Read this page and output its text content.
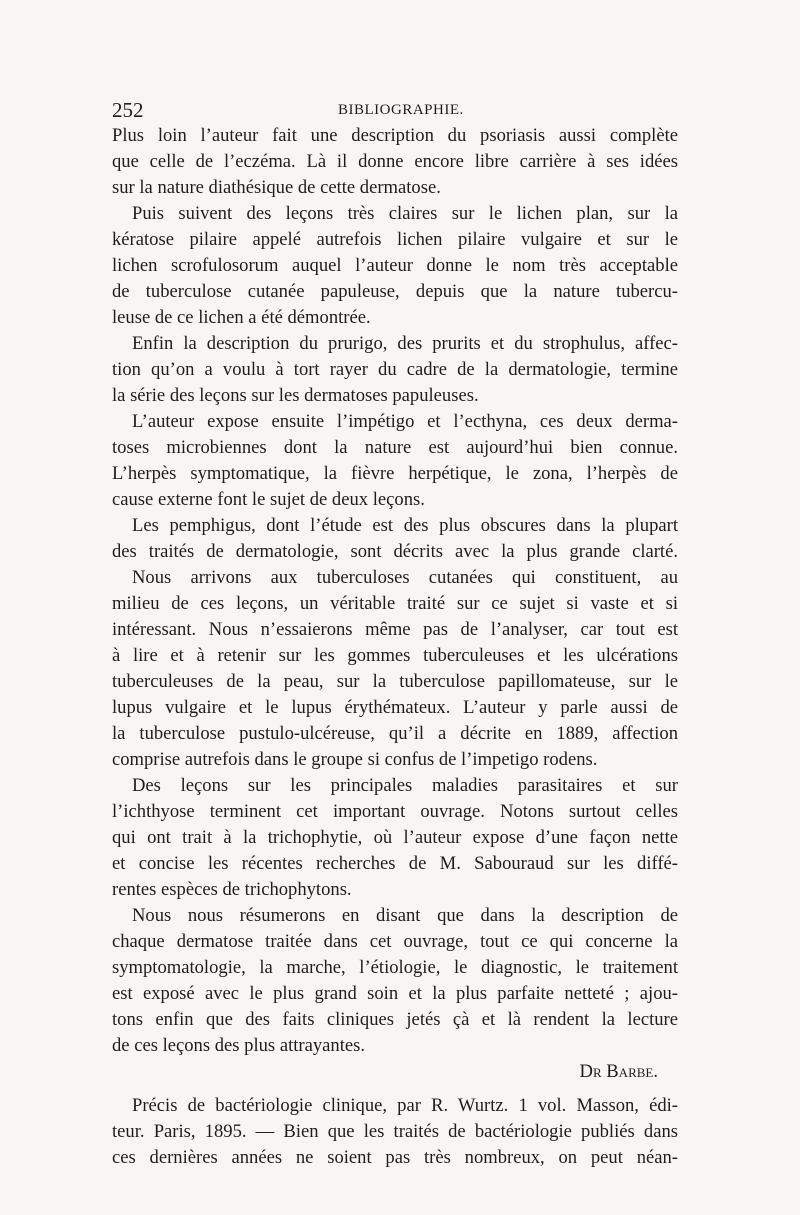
252	BIBLIOGRAPHIE.
Plus loin l’auteur fait une description du psoriasis aussi complète
que celle de l’eczéma. Là il donne encore libre carrière à ses idées
sur la nature diathésique de cette dermatose.
Puis suivent des leçons très claires sur le lichen plan, sur la
kératose pilaire appelé autrefois lichen pilaire vulgaire et sur le
lichen scrofulosorum auquel l’auteur donne le nom très acceptable
de tuberculose cutanée papuleuse, depuis que la nature tubercu-
leuse de ce lichen a été démontrée.
Enfin la description du prurigo, des prurits et du strophulus, affec-
tion qu’on a voulu à tort rayer du cadre de la dermatologie, termine
la série des leçons sur les dermatoses papuleuses.
L’auteur expose ensuite l’impétigo et l’ecthyna, ces deux derma-
toses microbiennes dont la nature est aujourd’hui bien connue.
L’herpès symptomatique, la fièvre herpétique, le zona, l’herpès de
cause externe font le sujet de deux leçons.
Les pemphigus, dont l’étude est des plus obscures dans la plupart
des traités de dermatologie, sont décrits avec la plus grande clarté.
Nous arrivons aux tuberculoses cutanées qui constituent, au
milieu de ces leçons, un véritable traité sur ce sujet si vaste et si
intéressant. Nous n’essaierons même pas de l’analyser, car tout est
à lire et à retenir sur les gommes tuberculeuses et les ulcérations
tuberculeuses de la peau, sur la tuberculose papillomateuse, sur le
lupus vulgaire et le lupus érythémateux. L’auteur y parle aussi de
la tuberculose pustulo-ulcéreuse, qu’il a décrite en 1889, affection
comprise autrefois dans le groupe si confus de l’impetigo rodens.
Des leçons sur les principales maladies parasitaires et sur
l’ichthyose terminent cet important ouvrage. Notons surtout celles
qui ont trait à la trichophytie, où l’auteur expose d’une façon nette
et concise les récentes recherches de M. Sabouraud sur les diffé-
rentes espèces de trichophytons.
Nous nous résumerons en disant que dans la description de
chaque dermatose traitée dans cet ouvrage, tout ce qui concerne la
symptomatologie, la marche, l’étiologie, le diagnostic, le traitement
est exposé avec le plus grand soin et la plus parfaite netteté ; ajou-
tons enfin que des faits cliniques jetés çà et là rendent la lecture
de ces leçons des plus attrayantes.
Dr Barbe.
Précis de bactériologie clinique, par R. Wurtz. 1 vol. Masson, édi-
teur. Paris, 1895. — Bien que les traités de bactériologie publiés dans
ces dernières années ne soient pas très nombreux, on peut néan-
